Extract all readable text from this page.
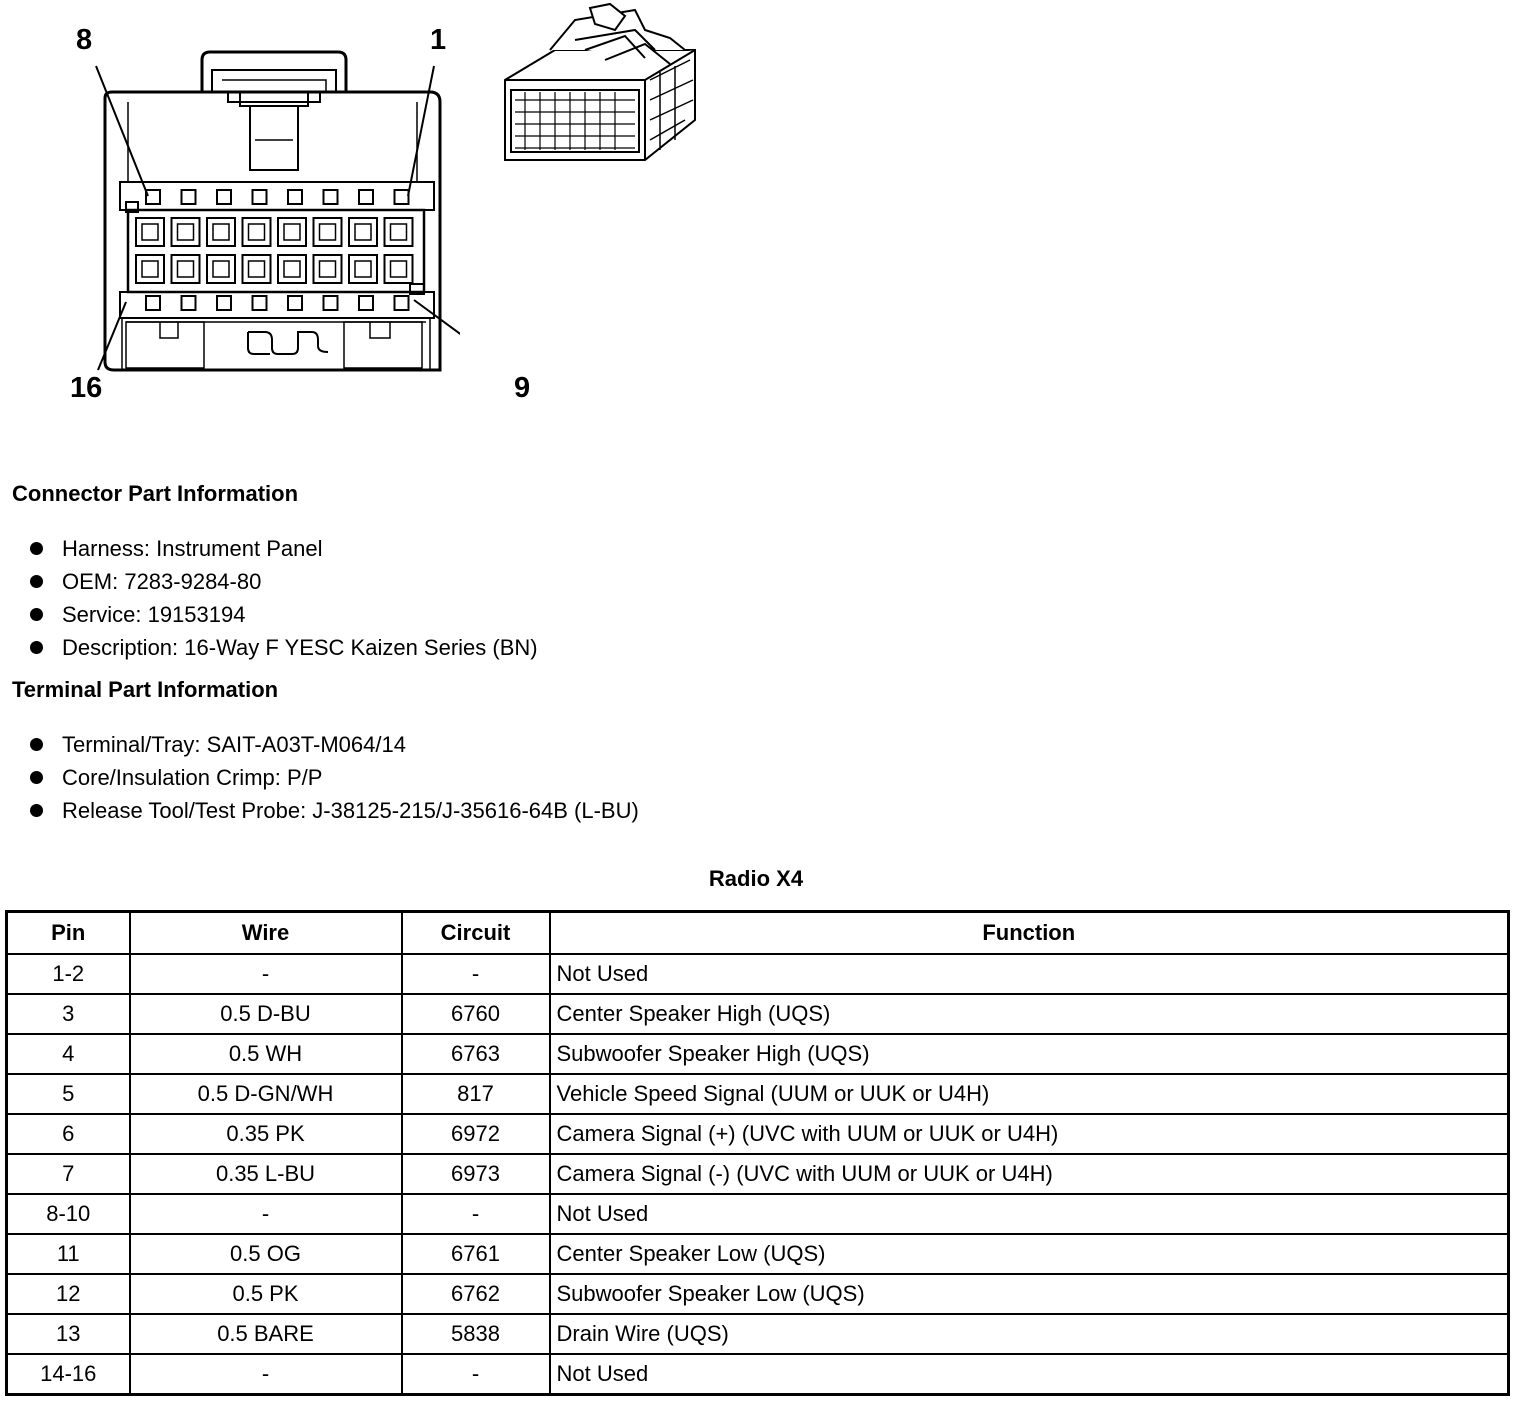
8	1
16	9
Connector Part Information
Harness: Instrument Panel
OEM: 7283-9284-80
Service: 19153194
Description: 16-Way F YESC Kaizen Series (BN)
Terminal Part Information
Terminal/Tray: SAIT-A03T-M064/14
Core/Insulation Crimp: P/P
Release Tool/Test Probe: J-38125-215/J-35616-64B (L-BU)
Radio X4
Pin	Wire	Circuit	Function
1-2	-	-	Not Used
3	0.5 D-BU	6760	Center Speaker High (UQS)
4	0.5 WH	6763	Subwoofer Speaker High (UQS)
5	0.5 D-GN/WH	817	Vehicle Speed Signal (UUM or UUK or U4H)
6	0.35 PK	6972	Camera Signal (+) (UVC with UUM or UUK or U4H)
7	0.35 L-BU	6973	Camera Signal (-) (UVC with UUM or UUK or U4H)
8-10	-	-	Not Used
11	0.5 OG	6761	Center Speaker Low (UQS)
12	0.5 PK	6762	Subwoofer Speaker Low (UQS)
13	0.5 BARE	5838	Drain Wire (UQS)
14-16	-	-	Not Used
